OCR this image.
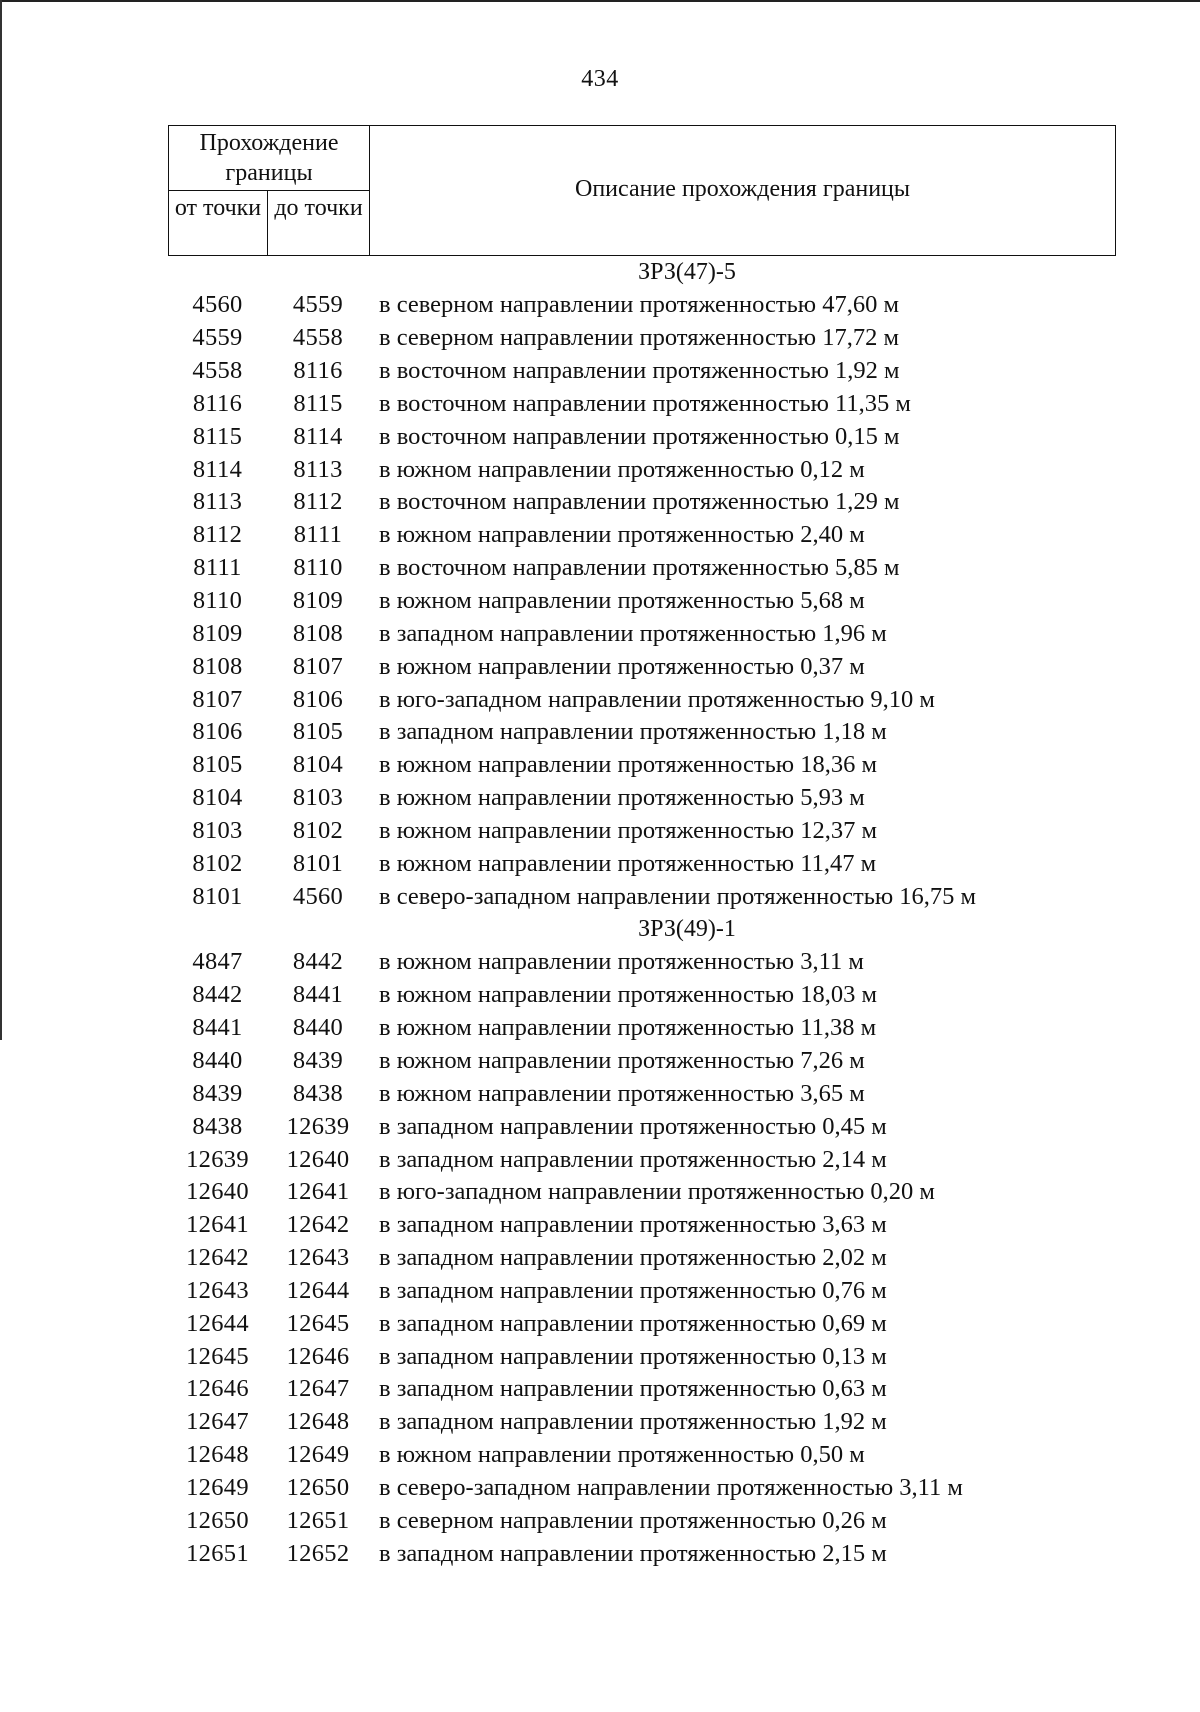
434
Прохождение границы
от точки до точки
Описание прохождения границы
ЗРЗ(47)-5
4560	4559	в северном направлении протяженностью 47,60 м
4559	4558	в северном направлении протяженностью 17,72 м
4558	8116	в восточном направлении протяженностью 1,92 м
8116	8115	в восточном направлении протяженностью 11,35 м
8115	8114	в восточном направлении протяженностью 0,15 м
8114	8113	в южном направлении протяженностью 0,12 м
8113	8112	в восточном направлении протяженностью 1,29 м
8112	8111	в южном направлении протяженностью 2,40 м
8111	8110	в восточном направлении протяженностью 5,85 м
8110	8109	в южном направлении протяженностью 5,68 м
8109	8108	в западном направлении протяженностью 1,96 м
8108	8107	в южном направлении протяженностью 0,37 м
8107	8106	в юго-западном направлении протяженностью 9,10 м
8106	8105	в западном направлении протяженностью 1,18 м
8105	8104	в южном направлении протяженностью 18,36 м
8104	8103	в южном направлении протяженностью 5,93 м
8103	8102	в южном направлении протяженностью 12,37 м
8102	8101	в южном направлении протяженностью 11,47 м
8101	4560	в северо-западном направлении протяженностью 16,75 м
ЗРЗ(49)-1
4847	8442	в южном направлении протяженностью 3,11 м
8442	8441	в южном направлении протяженностью 18,03 м
8441	8440	в южном направлении протяженностью 11,38 м
8440	8439	в южном направлении протяженностью 7,26 м
8439	8438	в южном направлении протяженностью 3,65 м
8438	12639	в западном направлении протяженностью 0,45 м
12639	12640	в западном направлении протяженностью 2,14 м
12640	12641	в юго-западном направлении протяженностью 0,20 м
12641	12642	в западном направлении протяженностью 3,63 м
12642	12643	в западном направлении протяженностью 2,02 м
12643	12644	в западном направлении протяженностью 0,76 м
12644	12645	в западном направлении протяженностью 0,69 м
12645	12646	в западном направлении протяженностью 0,13 м
12646	12647	в западном направлении протяженностью 0,63 м
12647	12648	в западном направлении протяженностью 1,92 м
12648	12649	в южном направлении протяженностью 0,50 м
12649	12650	в северо-западном направлении протяженностью 3,11 м
12650	12651	в северном направлении протяженностью 0,26 м
12651	12652	в западном направлении протяженностью 2,15 м
